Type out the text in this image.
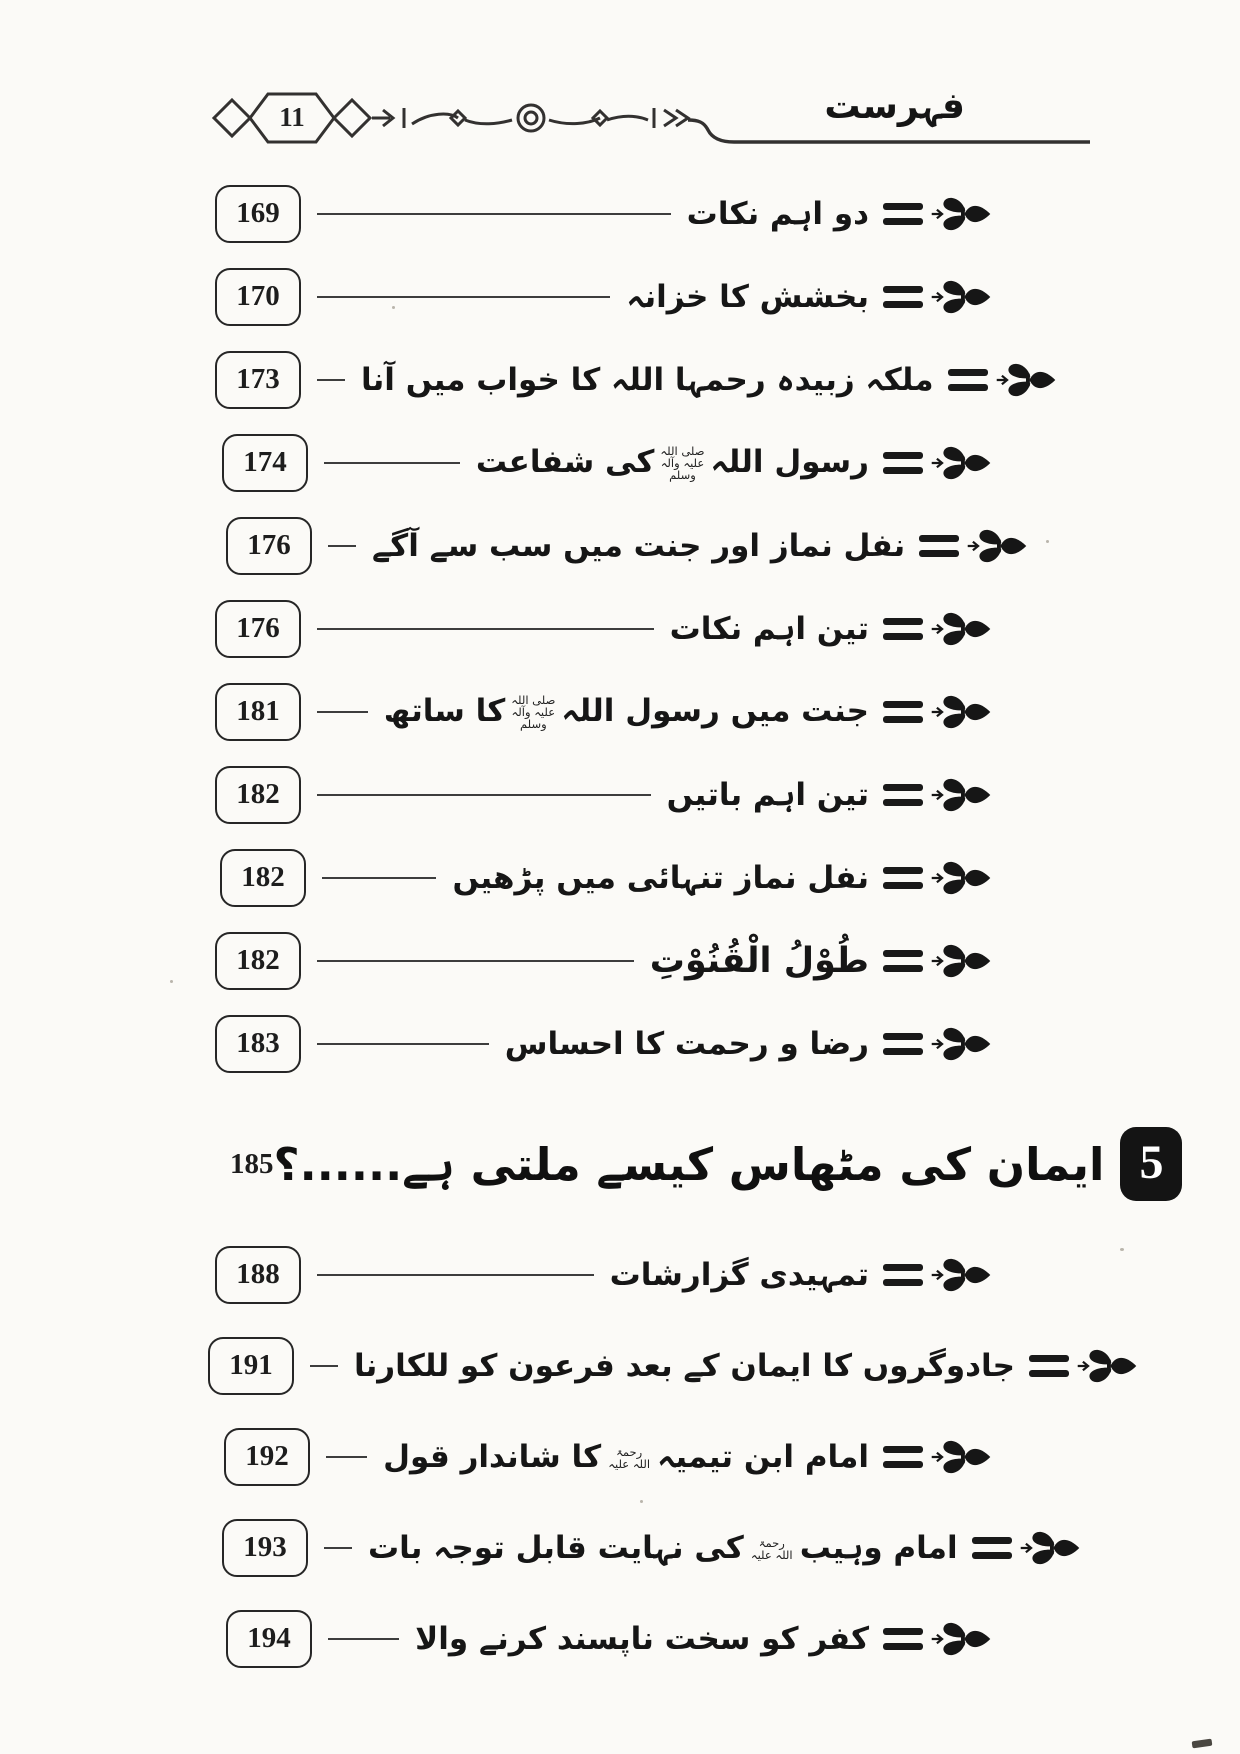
11	فہرست
169	دو اہم نکات
170	بخشش کا خزانہ
173	ملکہ زبیدہ رحمہا اللہ کا خواب میں آنا
174	رسول اللہصلی اللہ علیہ وآلہ وسلمکی شفاعت
176	نفل نماز اور جنت میں سب سے آگے
176	تین اہم نکات
181	جنت میں رسول اللہصلی اللہ علیہ وآلہ وسلمکا ساتھ
182	تین اہم باتیں
182	نفل نماز تنہائی میں پڑھیں
182	طُوْلُ الْقُنُوْتِ
183	رضا و رحمت کا احساس
185 ایمان کی مٹھاس کیسے ملتی ہے......؟ 5
188	تمہیدی گزارشات
191	جادوگروں کا ایمان کے بعد فرعون کو للکارنا
192	امام ابن تیمیہرحمۃ اللہ علیہکا شاندار قول
193	امام وہیبرحمۃ اللہ علیہکی نہایت قابل توجہ بات
194	کفر کو سخت ناپسند کرنے والا
